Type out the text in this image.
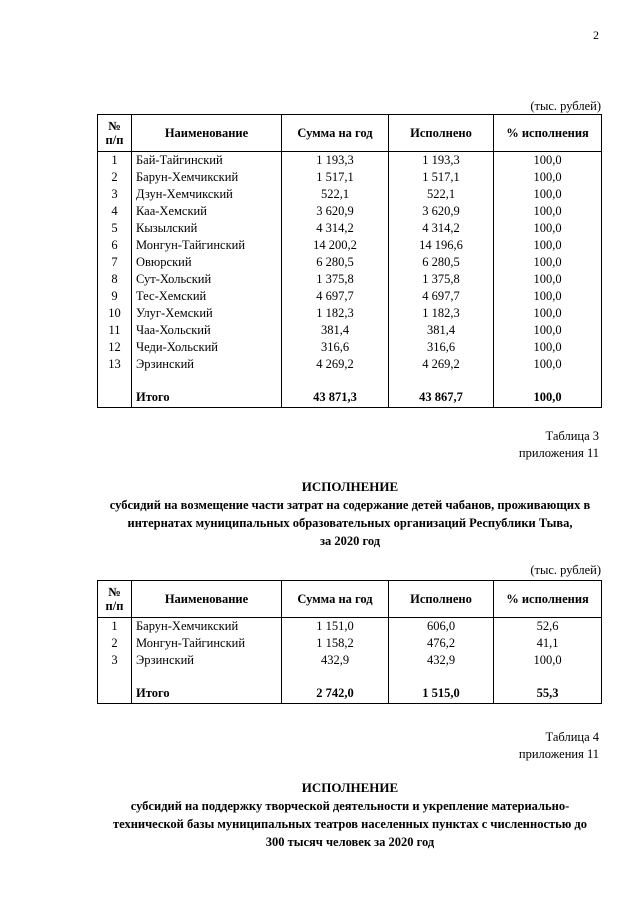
2
(тыс. рублей)
№ п/п	Наименование	Сумма на год	Исполнено	% исполнения
1	Бай-Тайгинский	1 193,3	1 193,3	100,0
2	Барун-Хемчикский	1 517,1	1 517,1	100,0
3	Дзун-Хемчикский	522,1	522,1	100,0
4	Каа-Хемский	3 620,9	3 620,9	100,0
5	Кызылский	4 314,2	4 314,2	100,0
6	Монгун-Тайгинский	14 200,2	14 196,6	100,0
7	Овюрский	6 280,5	6 280,5	100,0
8	Сут-Хольский	1 375,8	1 375,8	100,0
9	Тес-Хемский	4 697,7	4 697,7	100,0
10	Улуг-Хемский	1 182,3	1 182,3	100,0
11	Чаа-Хольский	381,4	381,4	100,0
12	Чеди-Хольский	316,6	316,6	100,0
13	Эрзинский	4 269,2	4 269,2	100,0

	Итого	43 871,3	43 867,7	100,0
Таблица 3
приложения 11
ИСПОЛНЕНИЕ
субсидий на возмещение части затрат на содержание детей чабанов, проживающих в
интернатах муниципальных образовательных организаций Республики Тыва,
за 2020 год
(тыс. рублей)
№ п/п	Наименование	Сумма на год	Исполнено	% исполнения
1	Барун-Хемчикский	1 151,0	606,0	52,6
2	Монгун-Тайгинский	1 158,2	476,2	41,1
3	Эрзинский	432,9	432,9	100,0

	Итого	2 742,0	1 515,0	55,3
Таблица 4
приложения 11
ИСПОЛНЕНИЕ
субсидий на поддержку творческой деятельности и укрепление материально-
технической базы муниципальных театров населенных пунктах с численностью до
300 тысяч человек за 2020 год
